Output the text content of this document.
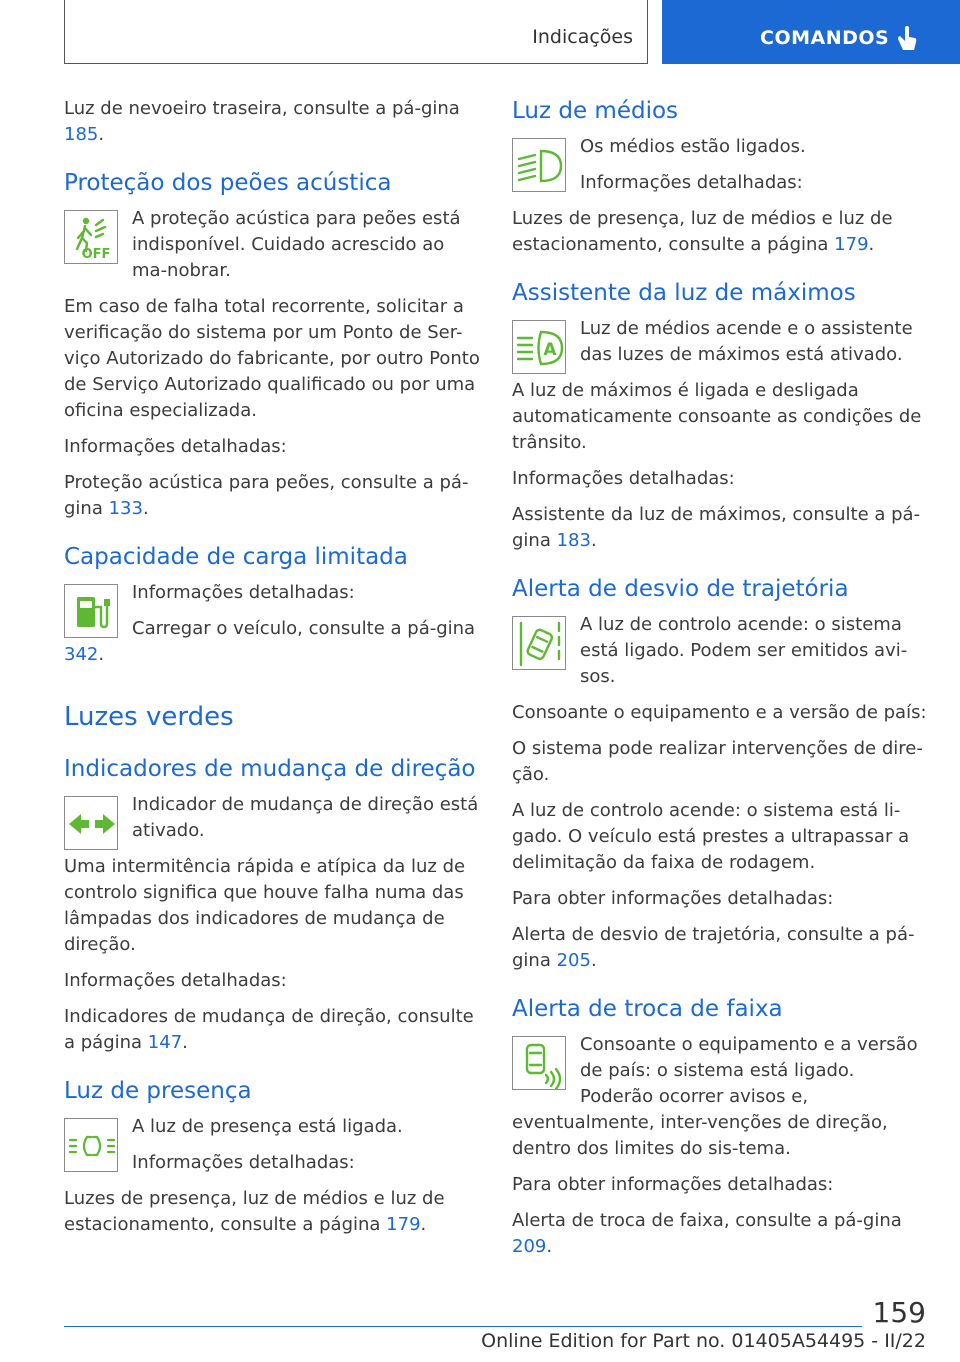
Indicações	COMANDOS

Luz de nevoeiro traseira, consulte a pá-gina 185.

Proteção dos peões acústica
OFF

A proteção acústica para peões está indisponível. Cuidado acrescido ao ma-nobrar.

Em caso de falha total recorrente, solicitar a verificação do sistema por um Ponto de Ser-viço Autorizado do fabricante, por outro Ponto de Serviço Autorizado qualificado ou por uma oficina especializada.

Informações detalhadas:

Proteção acústica para peões, consulte a pá-gina 133.

Capacidade de carga limitada

Informações detalhadas:

Carregar o veículo, consulte a pá-gina 342.

Luzes verdes
Indicadores de mudança de direção

Indicador de mudança de direção está ativado.

Uma intermitência rápida e atípica da luz de controlo significa que houve falha numa das lâmpadas dos indicadores de mudança de direção.

Informações detalhadas:

Indicadores de mudança de direção, consulte a página 147.

Luz de presença

A luz de presença está ligada.

Informações detalhadas:

Luzes de presença, luz de médios e luz de estacionamento, consulte a página 179.

Luz de médios

Os médios estão ligados.

Informações detalhadas:

Luzes de presença, luz de médios e luz de estacionamento, consulte a página 179.

Assistente da luz de máximos
A

Luz de médios acende e o assistente das luzes de máximos está ativado.

A luz de máximos é ligada e desligada automaticamente consoante as condições de trânsito.

Informações detalhadas:

Assistente da luz de máximos, consulte a pá-gina 183.

Alerta de desvio de trajetória

A luz de controlo acende: o sistema está ligado. Podem ser emitidos avi-sos.

Consoante o equipamento e a versão de país:

O sistema pode realizar intervenções de dire-ção.

A luz de controlo acende: o sistema está li-gado. O veículo está prestes a ultrapassar a delimitação da faixa de rodagem.

Para obter informações detalhadas:

Alerta de desvio de trajetória, consulte a pá-gina 205.

Alerta de troca de faixa

Consoante o equipamento e a versão de país: o sistema está ligado. Poderão ocorrer avisos e, eventualmente, inter-venções de direção, dentro dos limites do sis-tema.

Para obter informações detalhadas:

Alerta de troca de faixa, consulte a pá-gina 209.

159
Online Edition for Part no. 01405A54495 - II/22
